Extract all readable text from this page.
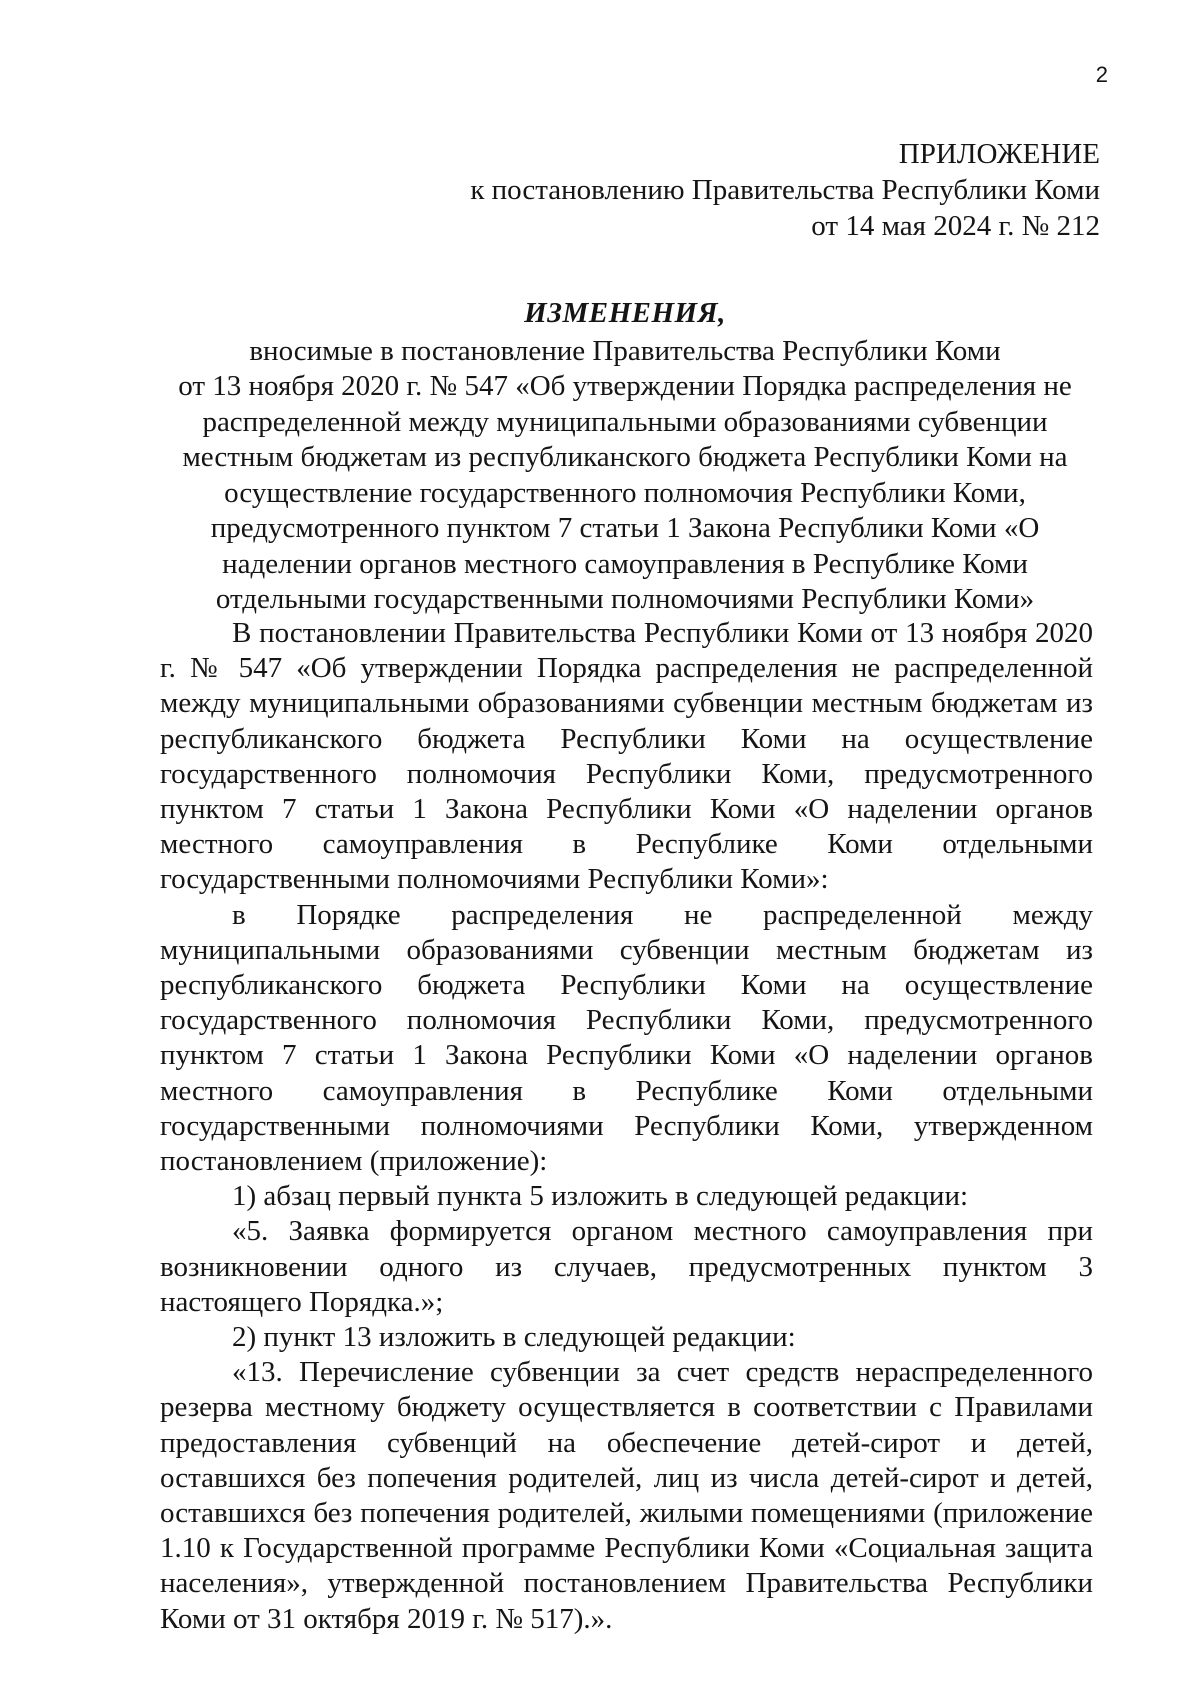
2
ПРИЛОЖЕНИЕ
к постановлению Правительства Республики Коми
от 14 мая 2024 г. № 212
ИЗМЕНЕНИЯ,
вносимые в постановление Правительства Республики Коми
от 13 ноября 2020 г. № 547 «Об утверждении Порядка распределения не
распределенной между муниципальными образованиями субвенции
местным бюджетам из республиканского бюджета Республики Коми на
осуществление государственного полномочия Республики Коми,
предусмотренного пунктом 7 статьи 1 Закона Республики Коми «О
наделении органов местного самоуправления в Республике Коми
отдельными государственными полномочиями Республики Коми»

В постановлении Правительства Республики Коми от 13 ноября 2020 г. № 547 «Об утверждении Порядка распределения не распределенной между муниципальными образованиями субвенции местным бюджетам из республиканского бюджета Республики Коми на осуществление государственного полномочия Республики Коми, предусмотренного пунктом 7 статьи 1 Закона Республики Коми «О наделении органов местного самоуправления в Республике Коми отдельными государственными полномочиями Республики Коми»:

в Порядке распределения не распределенной между муниципальными образованиями субвенции местным бюджетам из республиканского бюджета Республики Коми на осуществление государственного полномочия Республики Коми, предусмотренного пунктом 7 статьи 1 Закона Республики Коми «О наделении органов местного самоуправления в Республике Коми отдельными государственными полномочиями Республики Коми, утвержденном постановлением (приложение):

1) абзац первый пункта 5 изложить в следующей редакции:

«5. Заявка формируется органом местного самоуправления при возникновении одного из случаев, предусмотренных пунктом 3 настоящего Порядка.»;

2) пункт 13 изложить в следующей редакции:

«13. Перечисление субвенции за счет средств нераспределенного резерва местному бюджету осуществляется в соответствии с Правилами предоставления субвенций на обеспечение детей-сирот и детей, оставшихся без попечения родителей, лиц из числа детей-сирот и детей, оставшихся без попечения родителей, жилыми помещениями (приложение 1.10 к Государственной программе Республики Коми «Социальная защита населения», утвержденной постановлением Правительства Республики Коми от 31 октября 2019 г. № 517).».
